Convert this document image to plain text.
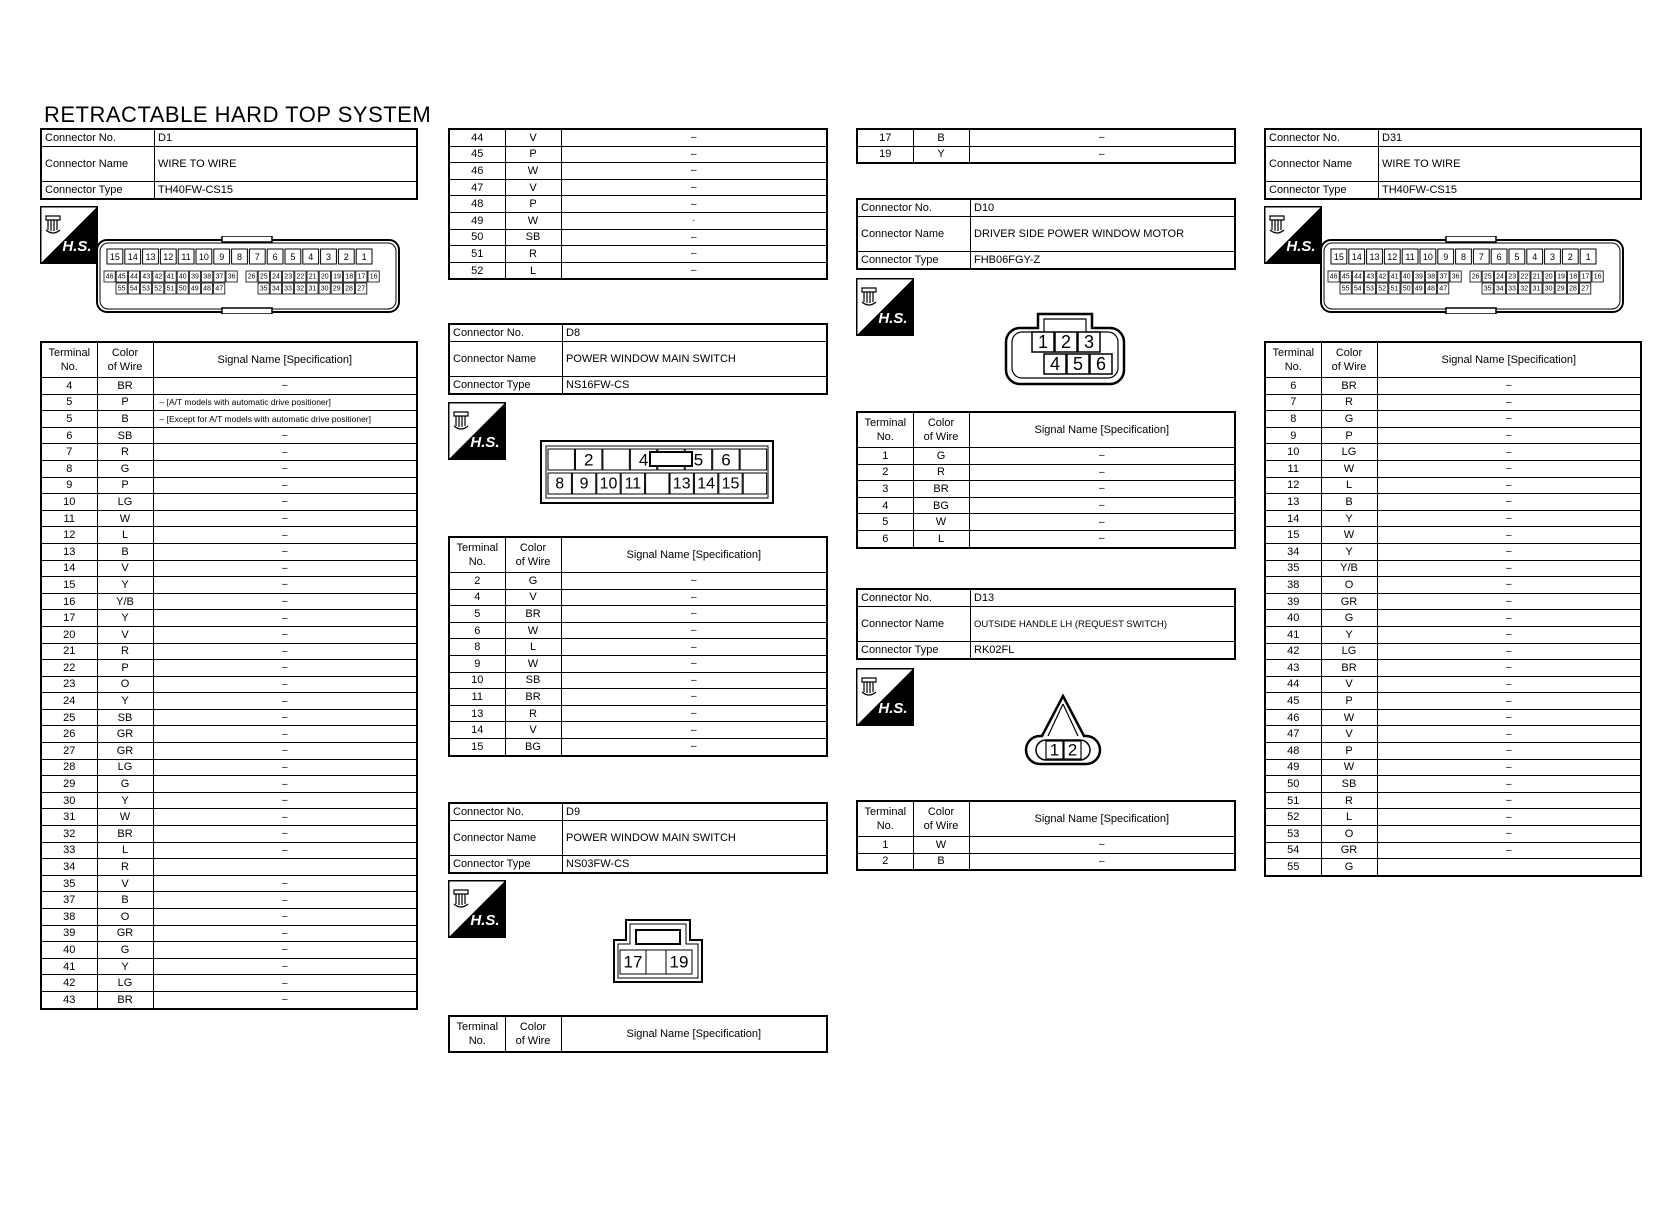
RETRACTABLE HARD TOP SYSTEM
Connector No.	D1
Connector Name	WIRE TO WIRE
Connector Type	TH40FW-CS15
H.S.
15 14 13 12 11 10 9 8 7 6 5 4 3 2 1
46 45 44 43 42 41 40 39 38 37 36 26 25 24 23 22 21 20 19 18 17 16
55 54 53 52 51 50 49 48 47	35 34 33 32 31 30 29 28 27
Terminal
No.	Color
of Wire	Signal Name [Specification]
4	BR	–
5	P	– [A/T models with automatic drive positioner]
5	B	– [Except for A/T models with automatic drive positioner]
6	SB	–
7	R	–
8	G	–
9	P	–
10	LG	–
11	W	–
12	L	–
13	B	–
14	V	–
15	Y	–
16	Y/B	–
17	Y	–
20	V	–
21	R	–
22	P	–
23	O	–
24	Y	–
25	SB	–
26	GR	–
27	GR	–
28	LG	–
29	G	–
30	Y	–
31	W	–
32	BR	–
33	L	–
34	R	
35	V	–
37	B	–
38	O	–
39	GR	–
40	G	–
41	Y	–
42	LG	–
43	BR	–
44	V	–
45	P	–
46	W	–
47	V	–
48	P	–
49	W	·
50	SB	–
51	R	–
52	L	–
Connector No.	D8
Connector Name	POWER WINDOW MAIN SWITCH
Connector Type	NS16FW-CS
H.S.
2	4	5 6
8 9 10 11 13 14 15
Terminal
No.	Color
of Wire	Signal Name [Specification]
2	G	–
4	V	–
5	BR	–
6	W	–
8	L	–
9	W	–
10	SB	–
11	BR	–
13	R	–
14	V	–
15	BG	–
Connector No.	D9
Connector Name	POWER WINDOW MAIN SWITCH
Connector Type	NS03FW-CS
H.S.
17 19
Terminal
No.	Color
of Wire	Signal Name [Specification]
17	B	–
19	Y	–
Connector No.	D10
Connector Name	DRIVER SIDE POWER WINDOW MOTOR
Connector Type	FHB06FGY-Z
H.S.
1 2 3
4 5 6
Terminal
No.	Color
of Wire	Signal Name [Specification]
1	G	–
2	R	–
3	BR	–
4	BG	–
5	W	–
6	L	–
Connector No.	D13
Connector Name	OUTSIDE HANDLE LH (REQUEST SWITCH)
Connector Type	RK02FL
H.S.
1 2
Terminal
No.	Color
of Wire	Signal Name [Specification]
1	W	–
2	B	–
Connector No.	D31
Connector Name	WIRE TO WIRE
Connector Type	TH40FW-CS15
H.S.
15 14 13 12 11 10 9 8 7 6 5 4 3 2 1
46 45 44 43 42 41 40 39 38 37 36 26 25 24 23 22 21 20 19 18 17 16
55 54 53 52 51 50 49 48 47	35 34 33 32 31 30 29 28 27
Terminal
No.	Color
of Wire	Signal Name [Specification]
6	BR	–
7	R	–
8	G	–
9	P	–
10	LG	–
11	W	–
12	L	–
13	B	–
14	Y	–
15	W	–
34	Y	–
35	Y/B	–
38	O	–
39	GR	–
40	G	–
41	Y	–
42	LG	–
43	BR	–
44	V	–
45	P	–
46	W	–
47	V	–
48	P	–
49	W	–
50	SB	–
51	R	–
52	L	–
53	O	–
54	GR	–
55	G	
